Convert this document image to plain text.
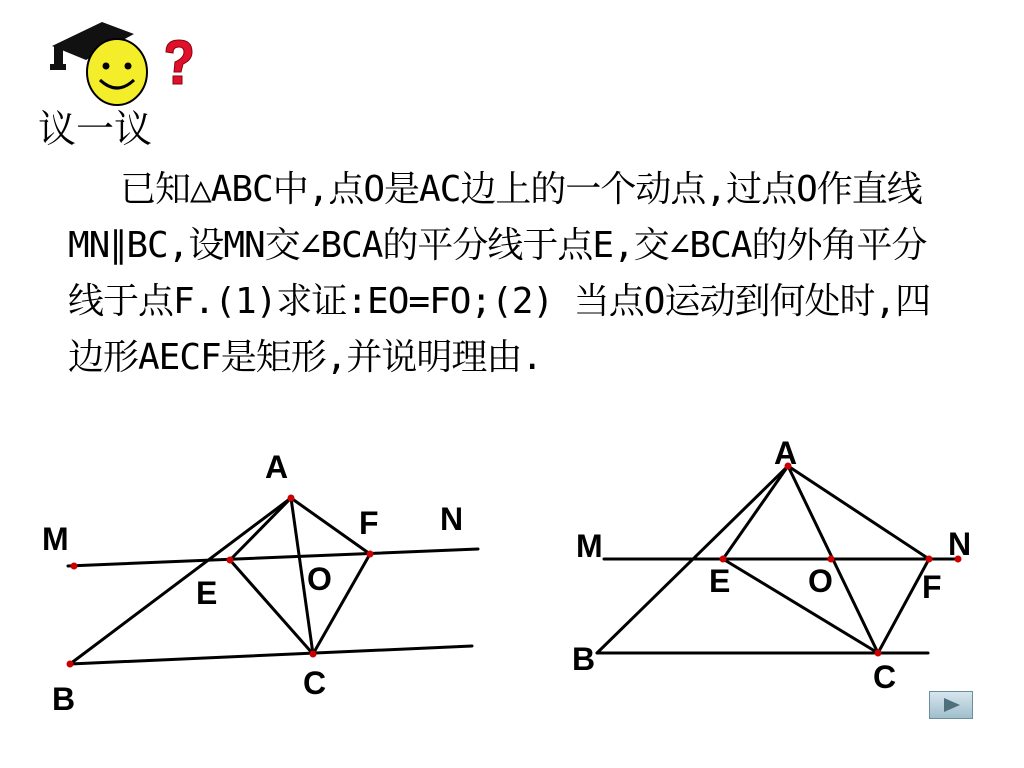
议一议

已知△ABC中,点O是AC边上的一个动点,过点O作直线MN∥BC,设MN交∠BCA的平分线于点E,交∠BCA的外角平分线于点F.(1)求证:EO=FO;(2) 当点O运动到何处时,四边形AECF是矩形,并说明理由.

A
B	C
E
F
O
M
N
A
B	C
E	F
O
M	N
